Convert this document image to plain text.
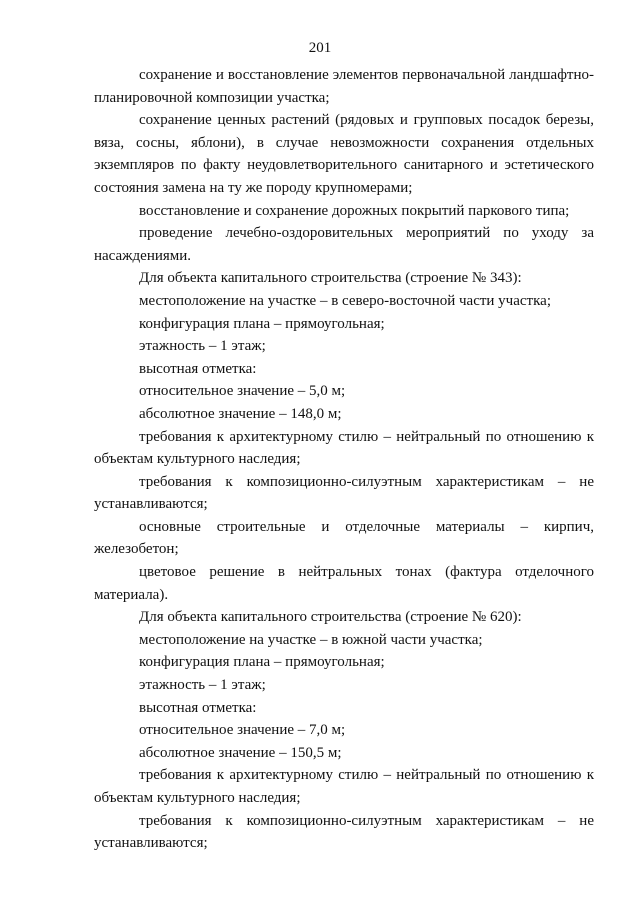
201

сохранение и восстановление элементов первоначальной ландшафтно-планировочной композиции участка;

сохранение ценных растений (рядовых и групповых посадок березы, вяза, сосны, яблони), в случае невозможности сохранения отдельных экземпляров по факту неудовлетворительного санитарного и эстетического состояния замена на ту же породу крупномерами;

восстановление и сохранение дорожных покрытий паркового типа;

проведение лечебно-оздоровительных мероприятий по уходу за насаждениями.

Для объекта капитального строительства (строение № 343):

местоположение на участке – в северо-восточной части участка;

конфигурация плана – прямоугольная;

этажность – 1 этаж;

высотная отметка:

относительное значение – 5,0 м;

абсолютное значение – 148,0 м;

требования к архитектурному стилю – нейтральный по отношению к объектам культурного наследия;

требования к композиционно-силуэтным характеристикам – не устанавливаются;

основные строительные и отделочные материалы – кирпич, железобетон;

цветовое решение в нейтральных тонах (фактура отделочного материала).

Для объекта капитального строительства (строение № 620):

местоположение на участке – в южной части участка;

конфигурация плана – прямоугольная;

этажность – 1 этаж;

высотная отметка:

относительное значение – 7,0 м;

абсолютное значение – 150,5 м;

требования к архитектурному стилю – нейтральный по отношению к объектам культурного наследия;

требования к композиционно-силуэтным характеристикам – не устанавливаются;
